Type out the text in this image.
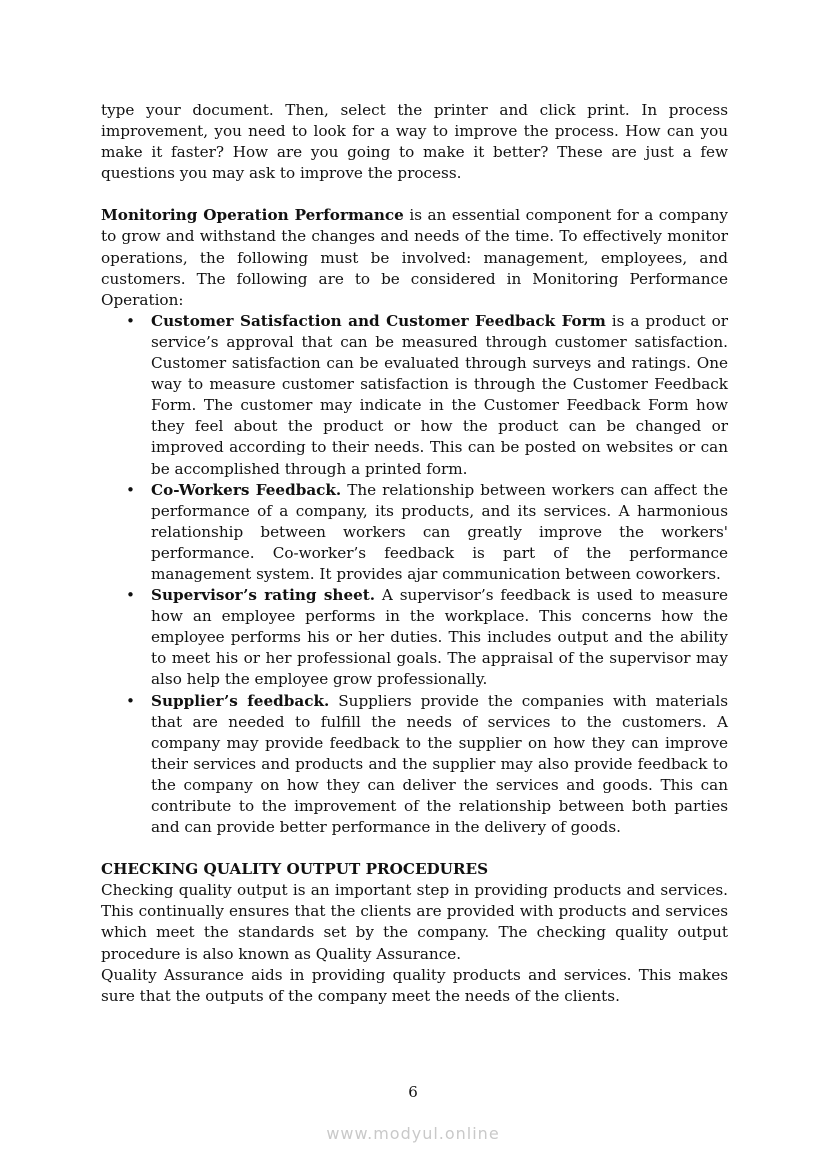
type your document. Then, select the printer and click print. In process improvement, you need to look for a way to improve the process. How can you make it faster? How are you going to make it better? These are just a few questions you may ask to improve the process.

Monitoring Operation Performance is an essential component for a company to grow and withstand the changes and needs of the time. To effectively monitor operations, the following must be involved: management, employees, and customers. The following are to be considered in Monitoring Performance Operation:

• Customer Satisfaction and Customer Feedback Form is a product or service’s approval that can be measured through customer satisfaction. Customer satisfaction can be evaluated through surveys and ratings. One way to measure customer satisfaction is through the Customer Feedback Form. The customer may indicate in the Customer Feedback Form how they feel about the product or how the product can be changed or improved according to their needs. This can be posted on websites or can be accomplished through a printed form.
• Co-Workers Feedback. The relationship between workers can affect the performance of a company, its products, and its services. A harmonious relationship between workers can greatly improve the workers' performance. Co-worker’s feedback is part of the performance management system. It provides ajar communication between coworkers.
• Supervisor’s rating sheet. A supervisor’s feedback is used to measure how an employee performs in the workplace. This concerns how the employee performs his or her duties. This includes output and the ability to meet his or her professional goals. The appraisal of the supervisor may also help the employee grow professionally.
• Supplier’s feedback. Suppliers provide the companies with materials that are needed to fulfill the needs of services to the customers. A company may provide feedback to the supplier on how they can improve their services and products and the supplier may also provide feedback to the company on how they can deliver the services and goods. This can contribute to the improvement of the relationship between both parties and can provide better performance in the delivery of goods.
CHECKING QUALITY OUTPUT PROCEDURES

Checking quality output is an important step in providing products and services. This continually ensures that the clients are provided with products and services which meet the standards set by the company. The checking quality output procedure is also known as Quality Assurance.

Quality Assurance aids in providing quality products and services. This makes sure that the outputs of the company meet the needs of the clients.

6
www.modyul.online
